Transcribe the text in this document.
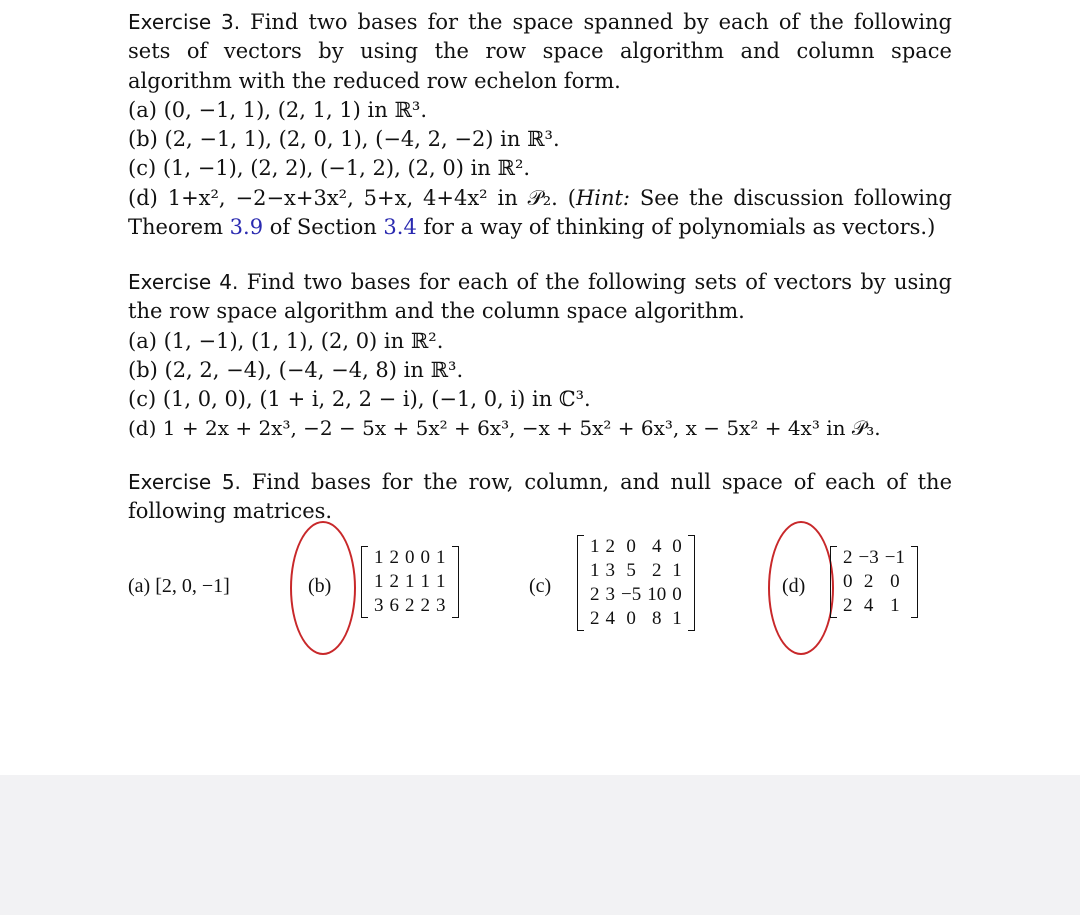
Exercise 3. Find two bases for the space spanned by each of the following sets of vectors by using the row space algorithm and column space algorithm with the reduced row echelon form.

(a) (0, −1, 1), (2, 1, 1) in ℝ³.

(b) (2, −1, 1), (2, 0, 1), (−4, 2, −2) in ℝ³.

(c) (1, −1), (2, 2), (−1, 2), (2, 0) in ℝ².

(d) 1+x², −2−x+3x², 5+x, 4+4x² in 𝒫₂. (Hint: See the discussion following Theorem 3.9 of Section 3.4 for a way of thinking of polynomials as vectors.)

Exercise 4. Find two bases for each of the following sets of vectors by using the row space algorithm and the column space algorithm.

(a) (1, −1), (1, 1), (2, 0) in ℝ².

(b) (2, 2, −4), (−4, −4, 8) in ℝ³.

(c) (1, 0, 0), (1 + i, 2, 2 − i), (−1, 0, i) in ℂ³.

(d) 1 + 2x + 2x³, −2 − 5x + 5x² + 6x³, −x + 5x² + 6x³, x − 5x² + 4x³ in 𝒫₃.

Exercise 5. Find bases for the row, column, and null space of each of the following matrices.

(a) [2, 0, −1]	(b)
1	2	0	0	1
1	2	1	1	1
3	6	2	2	3
(c)
1	2	0	4	0
1	3	5	2	1
2	3	−5	10	0
2	4	0	8	1
(d)
2	−3	−1
0	2	0
2	4	1
